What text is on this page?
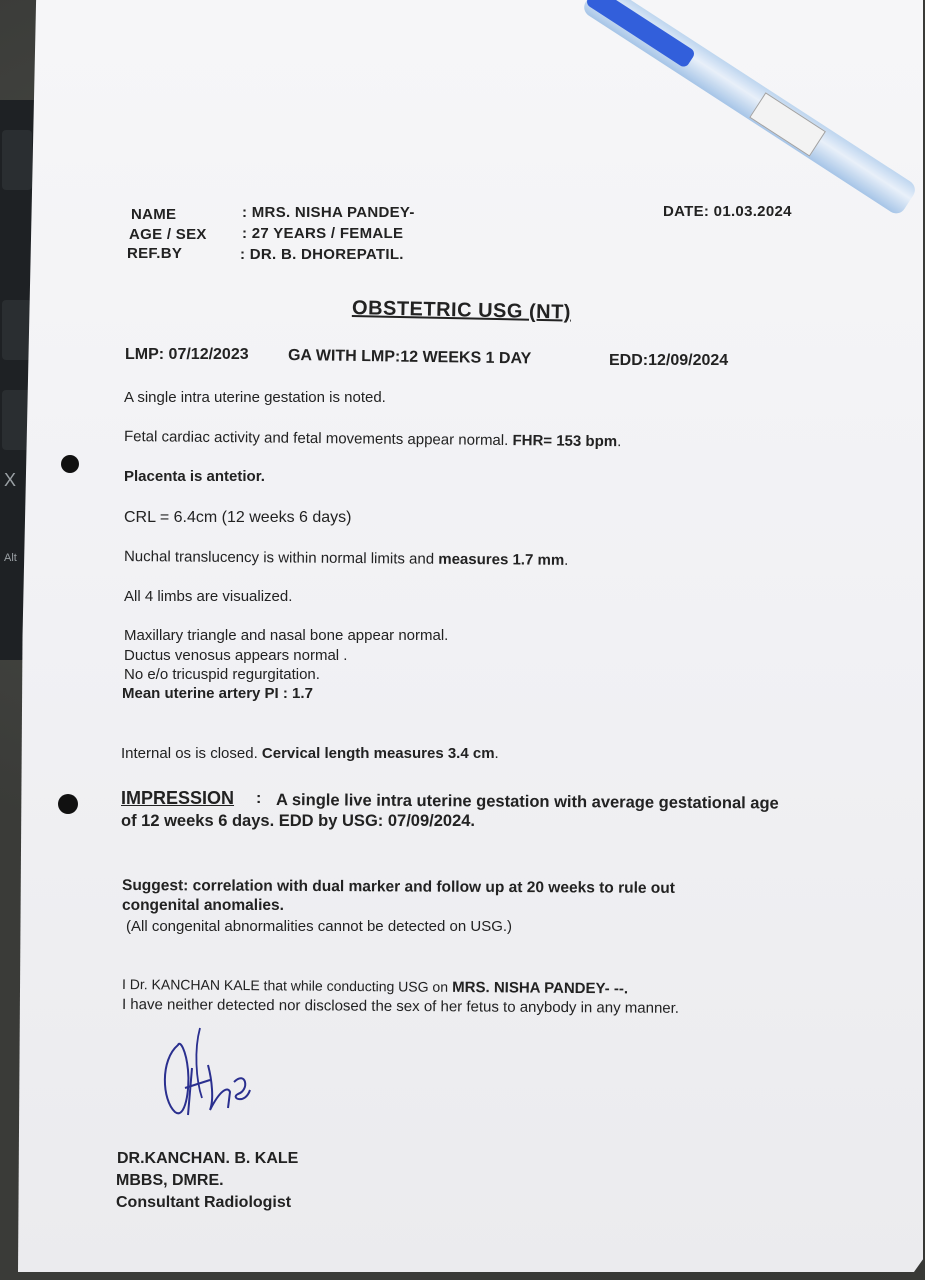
X
Alt
NAME	: MRS. NISHA PANDEY-
AGE / SEX : 27 YEARS / FEMALE
REF.BY	: DR. B. DHOREPATIL.
DATE: 01.03.2024
OBSTETRIC USG (NT)
LMP: 07/12/2023 GA WITH LMP:12 WEEKS 1 DAY	EDD:12/09/2024
A single intra uterine gestation is noted.
Fetal cardiac activity and fetal movements appear normal. FHR= 153 bpm.
Placenta is antetior.
CRL = 6.4cm (12 weeks 6 days)
Nuchal translucency is within normal limits and measures 1.7 mm.
All 4 limbs are visualized.
Maxillary triangle and nasal bone appear normal.
Ductus venosus appears normal .
No e/o tricuspid regurgitation.
Mean uterine artery PI : 1.7
Internal os is closed. Cervical length measures 3.4 cm.
IMPRESSION : A single live intra uterine gestation with average gestational age
of 12 weeks 6 days. EDD by USG: 07/09/2024.
Suggest: correlation with dual marker and follow up at 20 weeks to rule out
congenital anomalies.
(All congenital abnormalities cannot be detected on USG.)
I Dr. KANCHAN KALE that while conducting USG on MRS. NISHA PANDEY- --.
I have neither detected nor disclosed the sex of her fetus to anybody in any manner.
DR.KANCHAN. B. KALE
MBBS, DMRE.
Consultant Radiologist
